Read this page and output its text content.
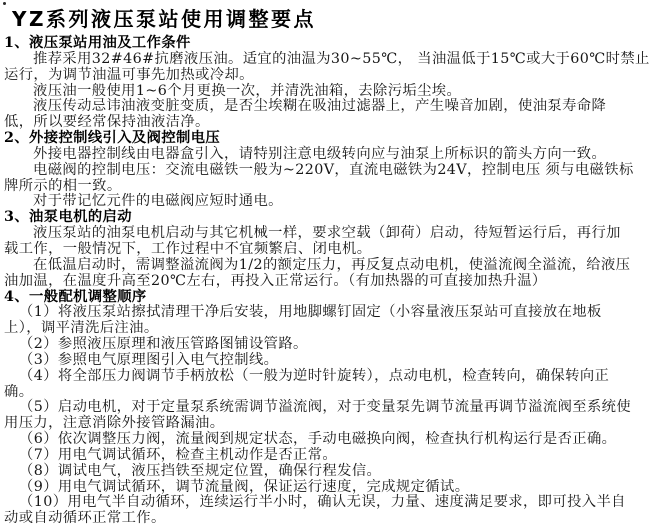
YZ系列液压泵站使用调整要点
1、液压泵站用油及工作条件
推荐采用32#46#抗磨液压油。适宜的油温为30~55℃， 当油温低于15℃或大于60℃时禁止
运行，为调节油温可事先加热或冷却。
液压油一般使用1~6个月更换一次，并清洗油箱，去除污垢尘埃。
液压传动忌讳油液变脏变质，是否尘埃糊在吸油过滤器上，产生噪音加剧，使油泵寿命降
低，所以要经常保持油液洁净。
2、外接控制线引入及阀控制电压
外接电器控制线由电器盒引入，请特别注意电级转向应与油泵上所标识的箭头方向一致。
电磁阀的控制电压：交流电磁铁一般为~220V，直流电磁铁为24V，控制电压 须与电磁铁标
牌所示的相一致。
对于带记忆元件的电磁阀应短时通电。
3、油泵电机的启动
液压泵站的油泵电机启动与其它机械一样，要求空载（卸荷）启动，待短暂运行后，再行加
载工作，一般情况下，工作过程中不宜频繁启、闭电机。
在低温启动时，需调整溢流阀为1/2的额定压力，再反复点动电机，使溢流阀全溢流，给液压
油加温，在温度升高至20℃左右，再投入正常运行。（有加热器的可直接加热升温）
4、一般配机调整顺序
（1）将液压泵站擦拭清理干净后安装，用地脚螺钉固定（小容量液压泵站可直接放在地板
上），调平清洗后注油。
（2）参照液压原理和液压管路图铺设管路。
（3）参照电气原理图引入电气控制线。
（4）将全部压力阀调节手柄放松（一般为逆时针旋转），点动电机，检查转向，确保转向正
确。
（5）启动电机，对于定量泵系统需调节溢流阀，对于变量泵先调节流量再调节溢流阀至系统使
用压力，注意消除外接管路漏油。
（6）依次调整压力阀，流量阀到规定状态，手动电磁换向阀，检查执行机构运行是否正确。
（7）用电气调试循环，检查主机动作是否正常。
（8）调试电气，液压挡铁至规定位置，确保行程发信。
（9）用电气调试循环，调节流量阀，保证运行速度，完成规定循试。
（10）用电气半自动循环，连续运行半小时，确认无误，力量、速度满足要求，即可投入半自
动或自动循环正常工作。
